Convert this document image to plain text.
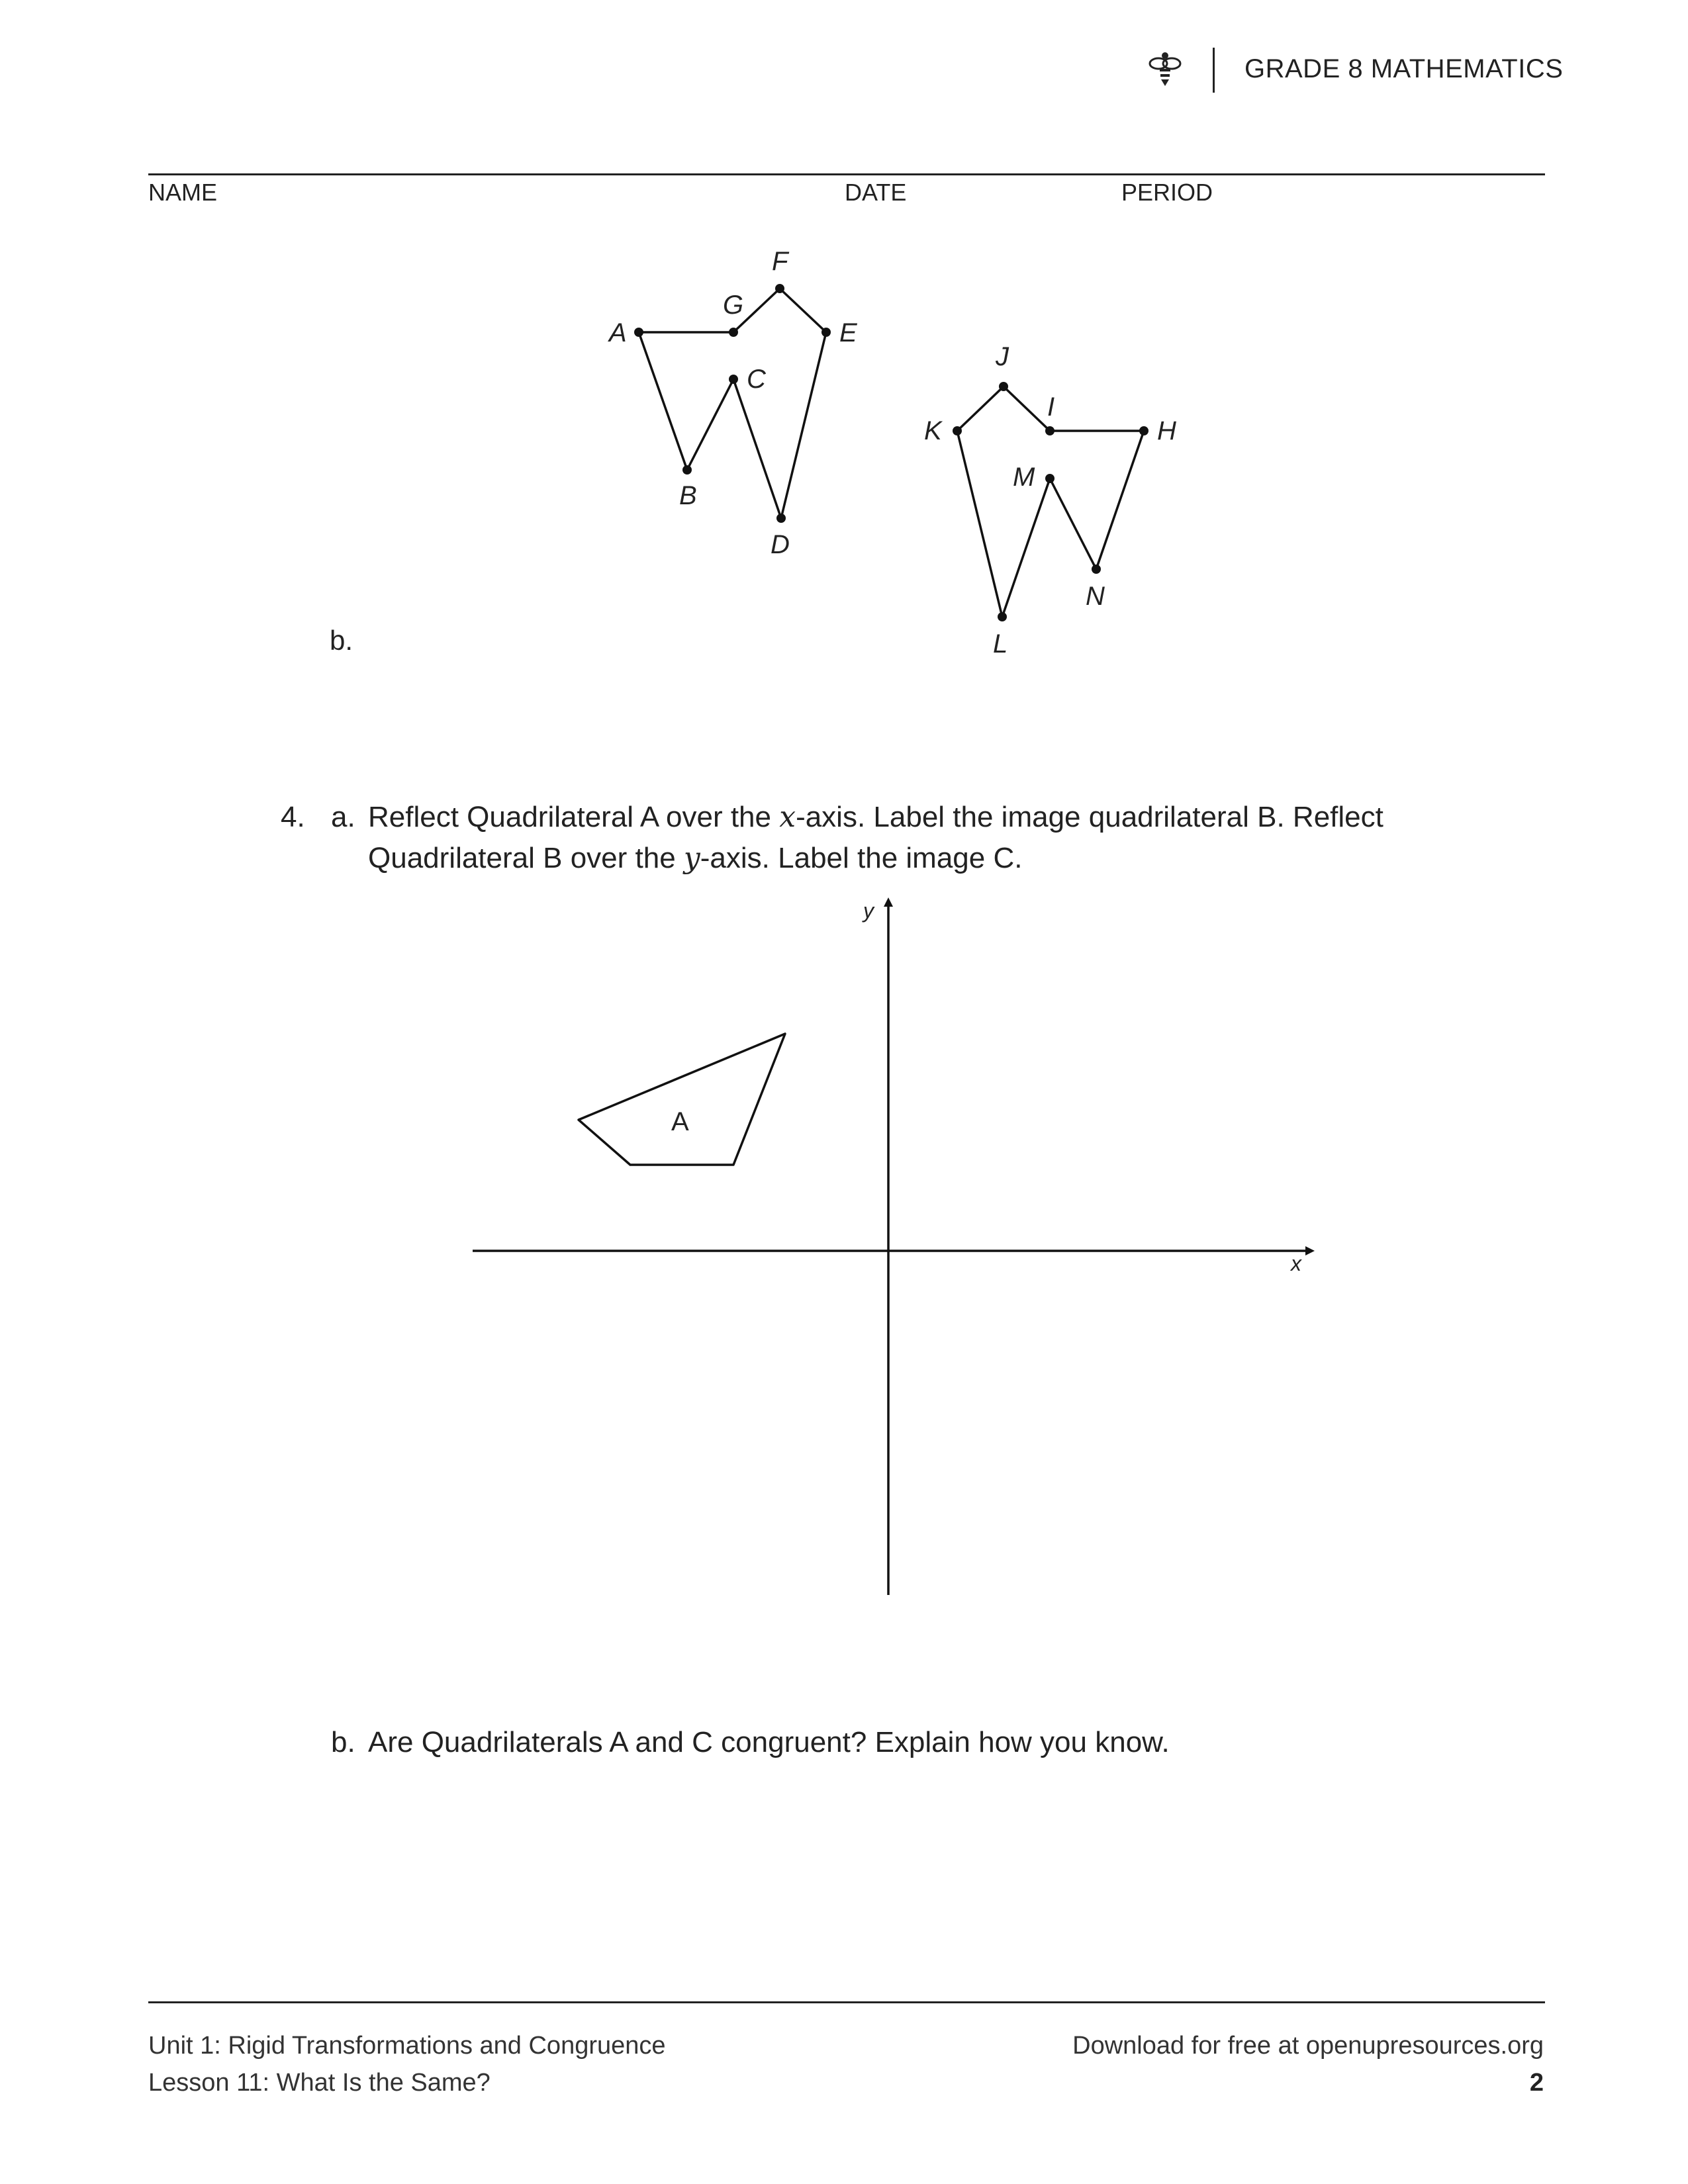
GRADE 8 MATHEMATICS
NAME	DATE	PERIOD
A
G
F
E
C
B
D
J
I
K	H
M
N
L
b.
4. a. Reflect Quadrilateral A over the x-axis. Label the image quadrilateral B. Reflect
Quadrilateral B over the y-axis. Label the image C.
y
x
A
b. Are Quadrilaterals A and C congruent? Explain how you know.
Unit 1: Rigid Transformations and Congruence
Lesson 11: What Is the Same?
Download for free at openupresources.org
2
